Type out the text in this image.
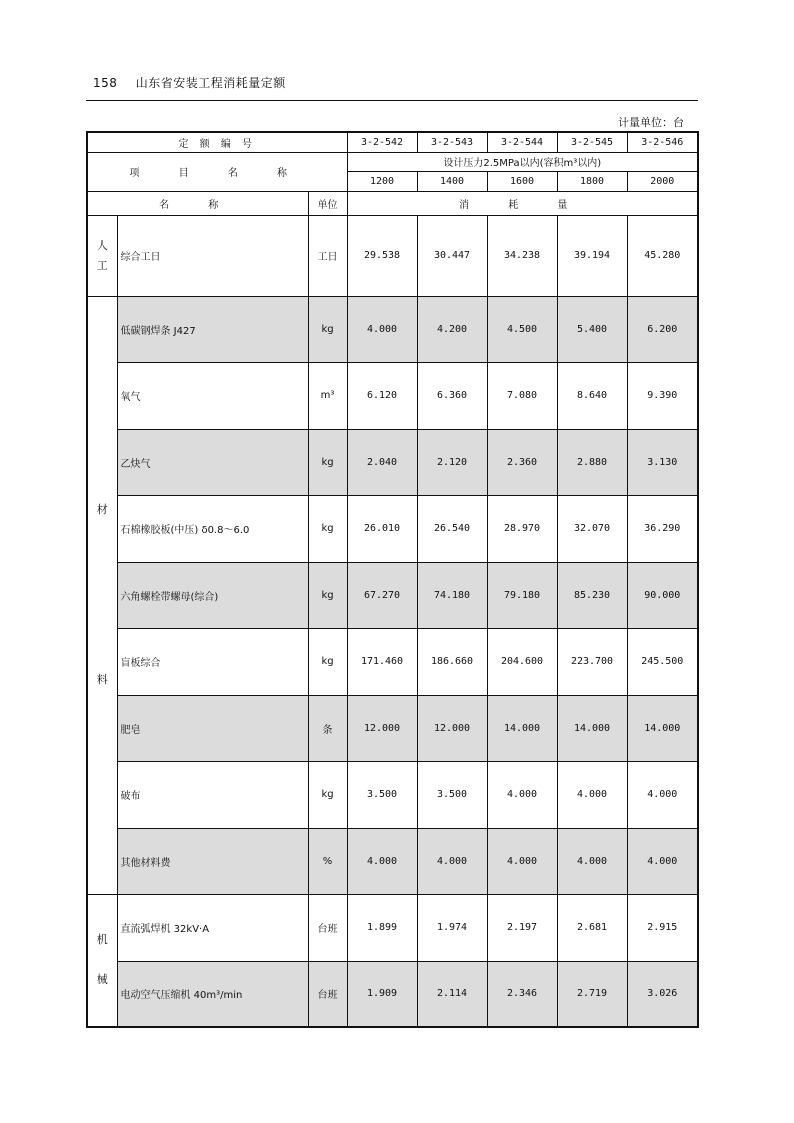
158 山东省安装工程消耗量定额
计量单位：台
定 额 编 号			3-2-542	3-2-543	3-2-544	3-2-545	3-2-546
项 目 名 称			设计压力2.5MPa以内(容积m³以内)				
			1200	1400	1600	1800	2000
名 称		单位	消 耗 量				

人
工	综合工日	工日	29.538	30.447	34.238	39.194	45.280

材
料	低碳钢焊条 J427	kg	4.000	4.200	4.500	5.400	6.200
	氧气	m³	6.120	6.360	7.080	8.640	9.390
	乙炔气	kg	2.040	2.120	2.360	2.880	3.130
	石棉橡胶板(中压) δ0.8～6.0	kg	26.010	26.540	28.970	32.070	36.290
	六角螺栓带螺母(综合)	kg	67.270	74.180	79.180	85.230	90.000
	盲板综合	kg	171.460	186.660	204.600	223.700	245.500
	肥皂	条	12.000	12.000	14.000	14.000	14.000
	破布	kg	3.500	3.500	4.000	4.000	4.000
	其他材料费	%	4.000	4.000	4.000	4.000	4.000

机
械	直流弧焊机 32kV·A	台班	1.899	1.974	2.197	2.681	2.915
	电动空气压缩机 40m³/min	台班	1.909	2.114	2.346	2.719	3.026
